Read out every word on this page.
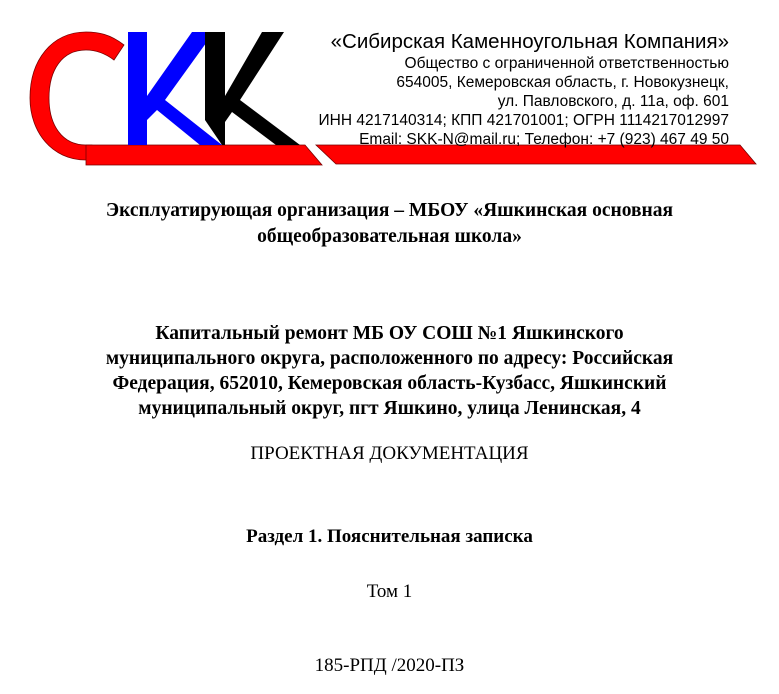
«Сибирская Каменноугольная Компания»
Общество с ограниченной ответственностью
654005, Кемеровская область, г. Новокузнецк,
ул. Павловского, д. 11а, оф. 601
ИНН 4217140314; КПП 421701001; ОГРН 1114217012997
Email: SKK-N@mail.ru; Телефон: +7 (923) 467 49 50
Эксплуатирующая организация – МБОУ «Яшкинская основная
общеобразовательная школа»
Капитальный ремонт МБ ОУ СОШ №1 Яшкинского
муниципального округа, расположенного по адресу: Российская
Федерация, 652010, Кемеровская область-Кузбасс, Яшкинский
муниципальный округ, пгт Яшкино, улица Ленинская, 4
ПРОЕКТНАЯ ДОКУМЕНТАЦИЯ
Раздел 1. Пояснительная записка
Том 1
185-РПД /2020-ПЗ
